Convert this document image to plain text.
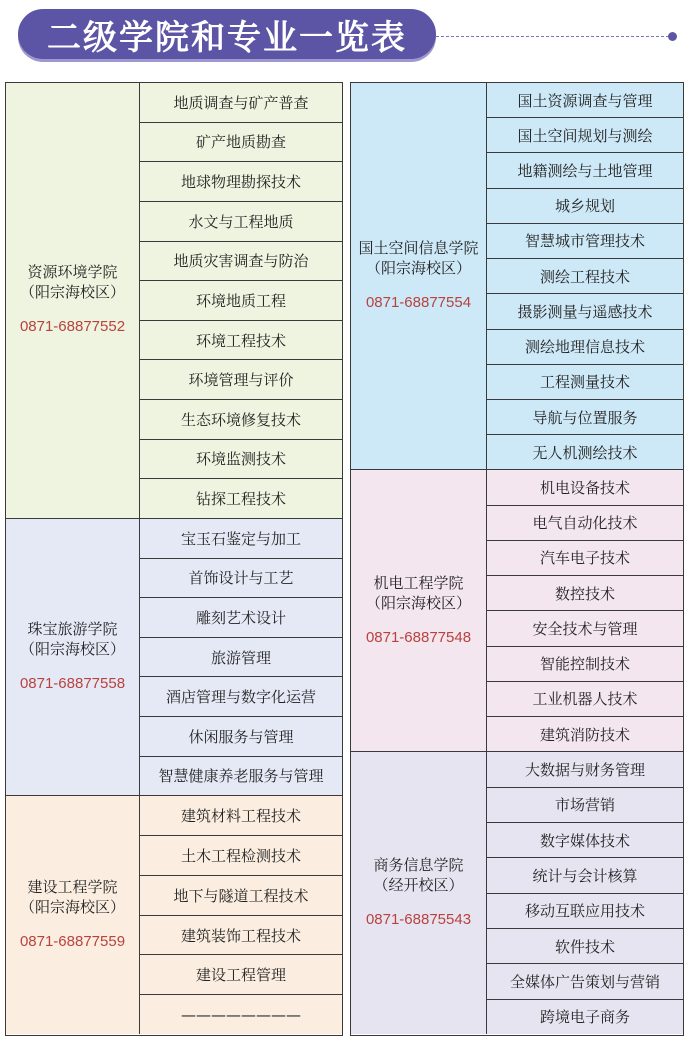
二级学院和专业一览表
资源环境学院
（阳宗海校区）
0871-68877552
地质调查与矿产普查
矿产地质勘查
地球物理勘探技术
水文与工程地质
地质灾害调查与防治
环境地质工程
环境工程技术
环境管理与评价
生态环境修复技术
环境监测技术
钻探工程技术
珠宝旅游学院
（阳宗海校区）
0871-68877558
宝玉石鉴定与加工
首饰设计与工艺
雕刻艺术设计
旅游管理
酒店管理与数字化运营
休闲服务与管理
智慧健康养老服务与管理
建设工程学院
（阳宗海校区）
0871-68877559
建筑材料工程技术
土木工程检测技术
地下与隧道工程技术
建筑装饰工程技术
建设工程管理
————————
国土空间信息学院
（阳宗海校区）
0871-68877554
国土资源调查与管理
国土空间规划与测绘
地籍测绘与土地管理
城乡规划
智慧城市管理技术
测绘工程技术
摄影测量与遥感技术
测绘地理信息技术
工程测量技术
导航与位置服务
无人机测绘技术
机电工程学院
（阳宗海校区）
0871-68877548
机电设备技术
电气自动化技术
汽车电子技术
数控技术
安全技术与管理
智能控制技术
工业机器人技术
建筑消防技术
商务信息学院
（经开校区）
0871-68875543
大数据与财务管理
市场营销
数字媒体技术
统计与会计核算
移动互联应用技术
软件技术
全媒体广告策划与营销
跨境电子商务
